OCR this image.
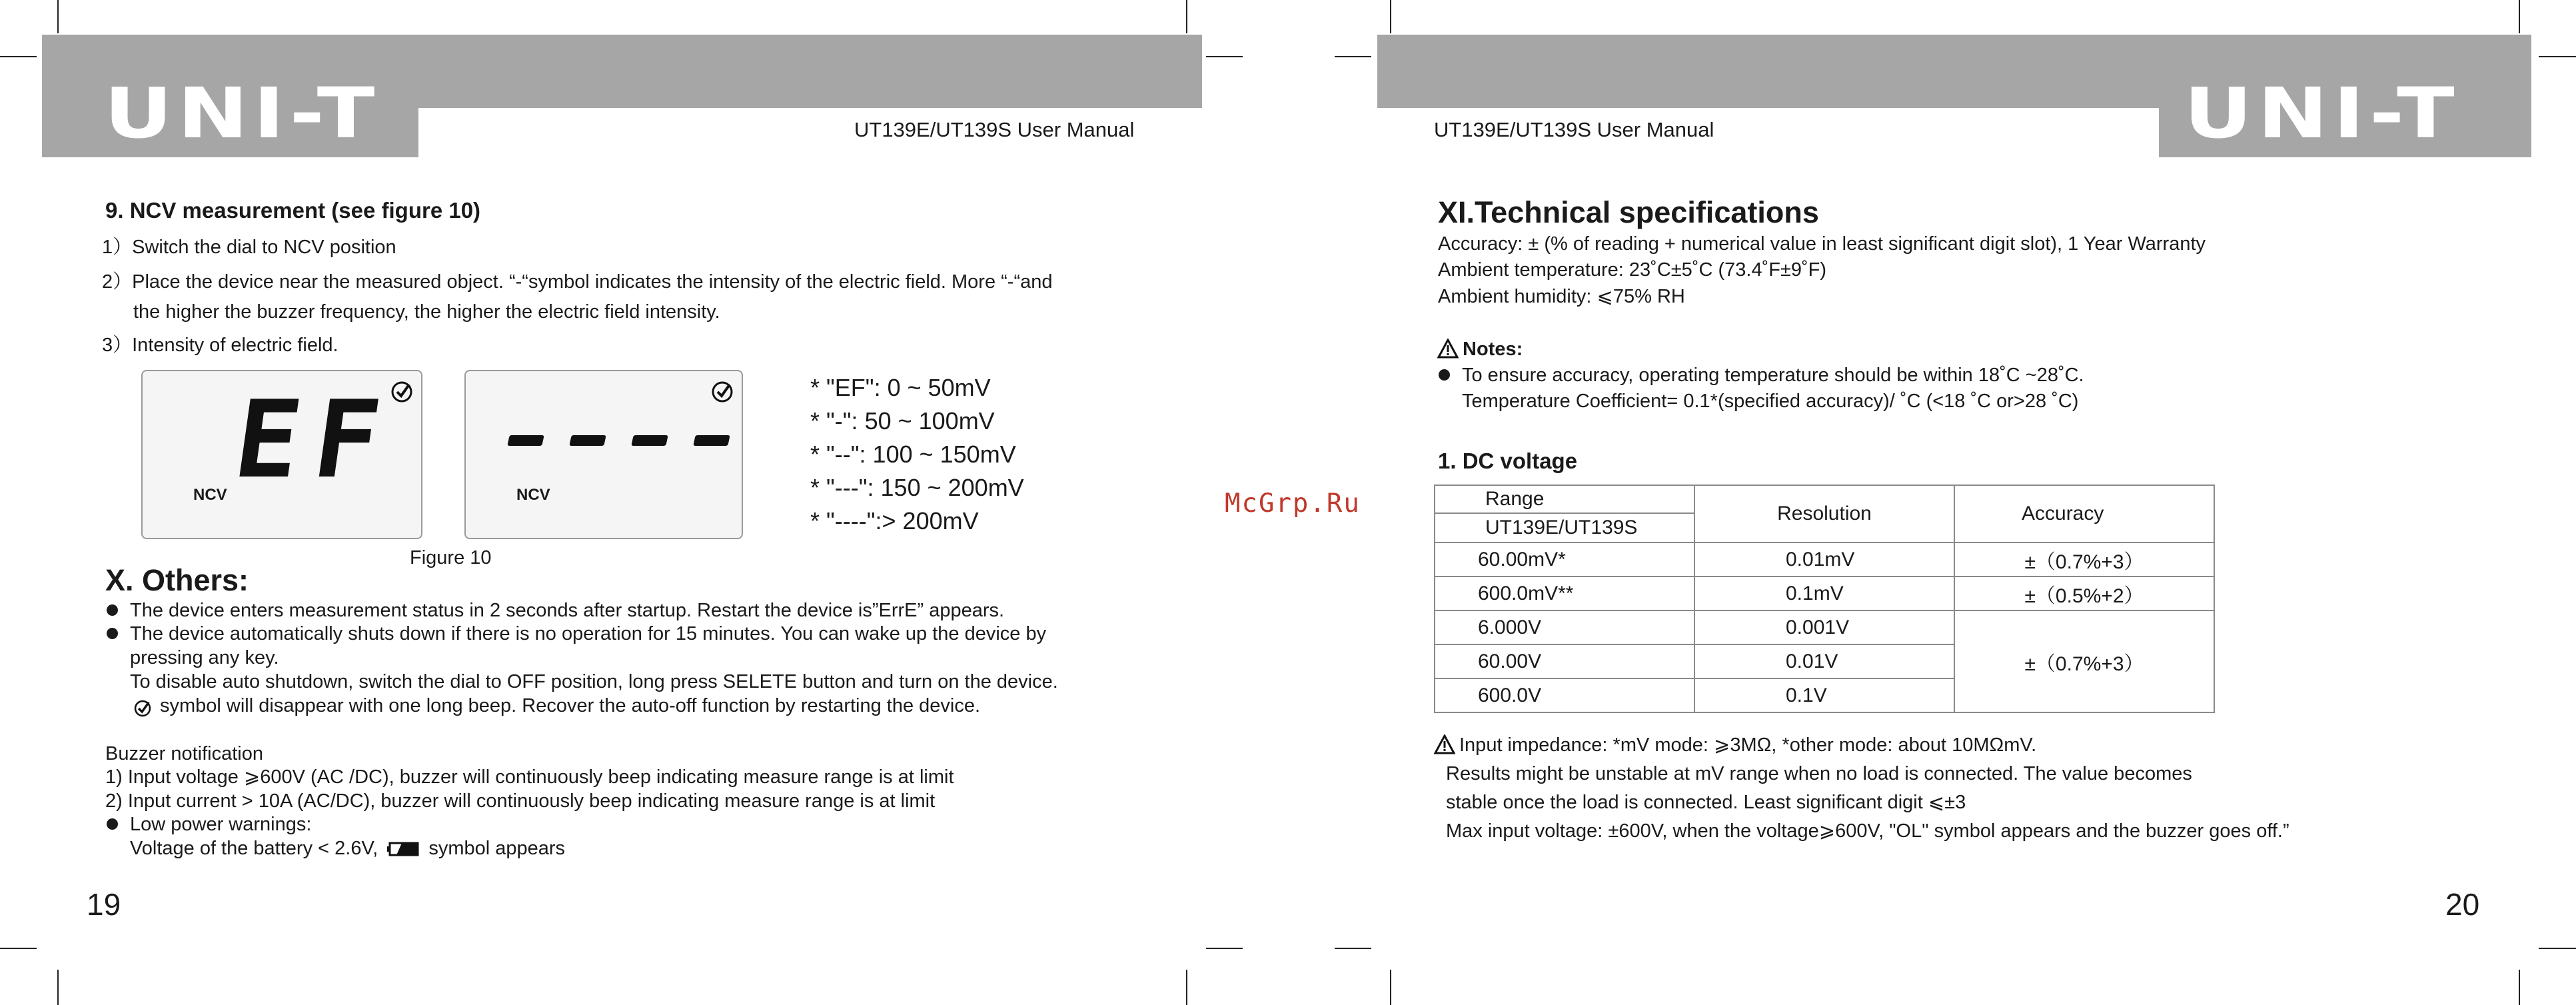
UNI-T	UT139E/UT139S User Manual	UNI-T
UT139E/UT139S User Manual
9. NCV measurement (see figure 10)
1）Switch the dial to NCV position
2）Place the device near the measured object. “-“symbol indicates the intensity of the electric field. More “-“and
the higher the buzzer frequency, the higher the electric field intensity.
3）Intensity of electric field.
EF
NCV	NCV
Figure 10
* "EF": 0 ~ 50mV
* "-": 50 ~ 100mV
* "--": 100 ~ 150mV
* "---": 150 ~ 200mV
* "----":> 200mV
X. Others:
The device enters measurement status in 2 seconds after startup. Restart the device is”ErrE” appears.
The device automatically shuts down if there is no operation for 15 minutes. You can wake up the device by
pressing any key.
To disable auto shutdown, switch the dial to OFF position, long press SELETE button and turn on the device.
symbol will disappear with one long beep. Recover the auto-off function by restarting the device.
Buzzer notification
1) Input voltage ⩾600V (AC /DC), buzzer will continuously beep indicating measure range is at limit
2) Input current > 10A (AC/DC), buzzer will continuously beep indicating measure range is at limit
Low power warnings:
Voltage of the battery < 2.6V,	symbol appears
19
McGrp.Ru
XI.Technical specifications
Accuracy: ± (% of reading + numerical value in least significant digit slot), 1 Year Warranty
Ambient temperature: 23˚C±5˚C (73.4˚F±9˚F)
Ambient humidity: ⩽75% RH
Notes:
To ensure accuracy, operating temperature should be within 18˚C ~28˚C.
Temperature Coefficient= 0.1*(specified accuracy)/ ˚C (<18 ˚C or>28 ˚C)
1. DC voltage
Range	Resolution	Accuracy
UT139E/UT139S		
60.00mV*	0.01mV	±（0.7%+3）
600.0mV**	0.1mV	±（0.5%+2）
6.000V	0.001V	±（0.7%+3）
60.00V	0.01V	
600.0V	0.1V	
Input impedance: *mV mode: ⩾3MΩ, *other mode: about 10MΩmV.
Results might be unstable at mV range when no load is connected. The value becomes
stable once the load is connected. Least significant digit ⩽±3
Max input voltage: ±600V, when the voltage⩾600V, "OL" symbol appears and the buzzer goes off.”
20
